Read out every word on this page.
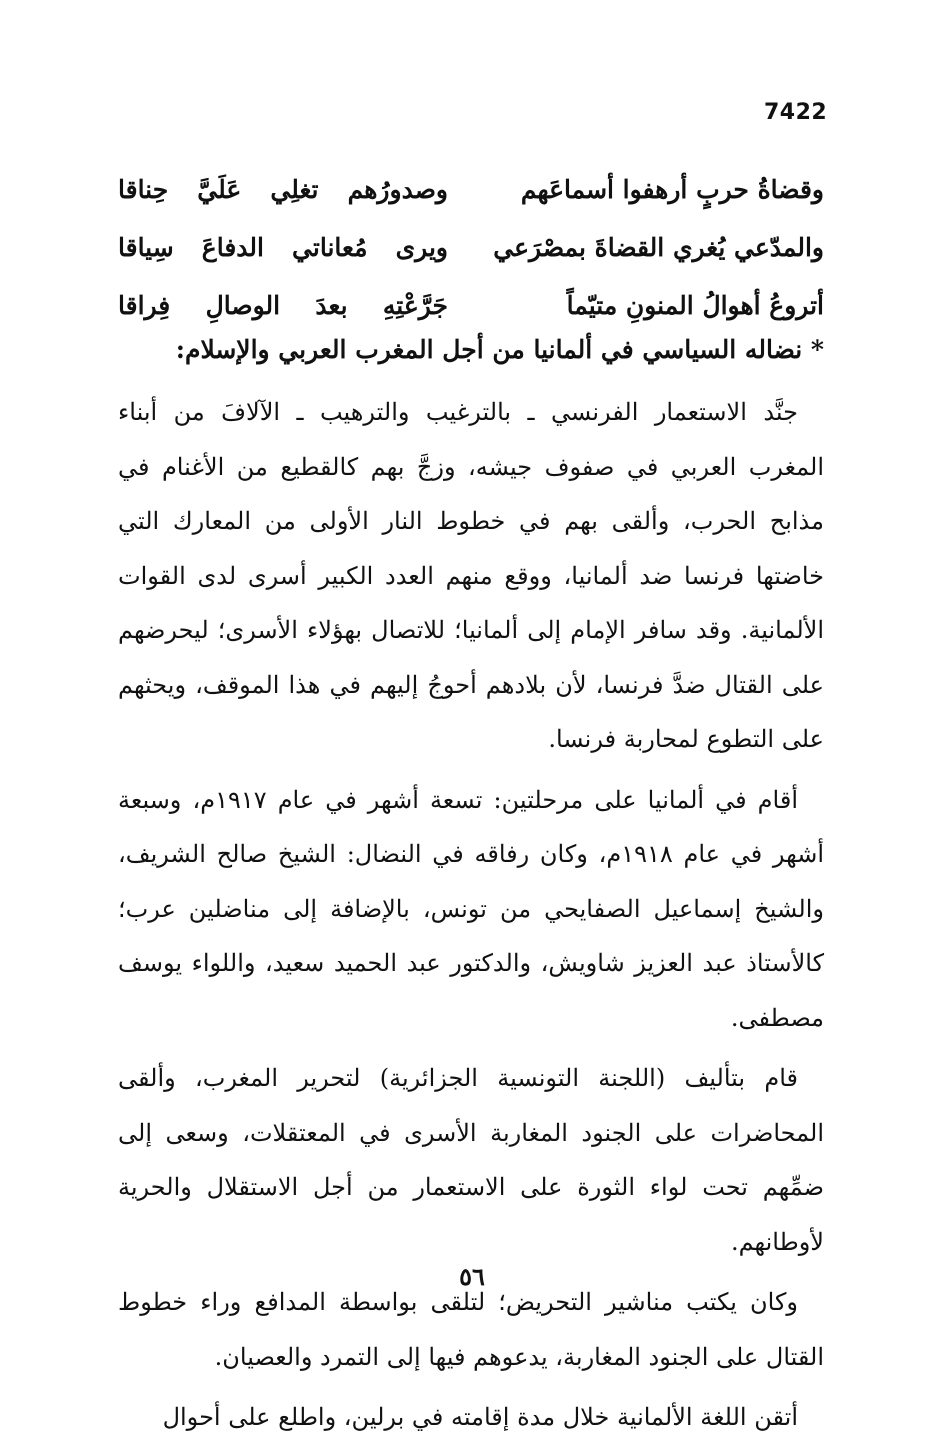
7422
وقضاةُ حربٍ أرهفوا أسماعَهم
وصدورُهم تغلِي عَلَيَّ حِناقا
والمدّعي يُغري القضاةَ بمصْرَعي
ويرى مُعاناتي الدفاعَ سِياقا
أتروعُ أهوالُ المنونِ متيّماً
جَرَّعْتِهِ بعدَ الوصالِ فِراقا
* نضاله السياسي في ألمانيا من أجل المغرب العربي والإسلام:

جنَّد الاستعمار الفرنسي ـ بالترغيب والترهيب ـ الآلافَ من أبناء المغرب العربي في صفوف جيشه، وزجَّ بهم كالقطيع من الأغنام في مذابح الحرب، وألقى بهم في خطوط النار الأولى من المعارك التي خاضتها فرنسا ضد ألمانيا، ووقع منهم العدد الكبير أسرى لدى القوات الألمانية. وقد سافر الإمام إلى ألمانيا؛ للاتصال بهؤلاء الأسرى؛ ليحرضهم على القتال ضدَّ فرنسا، لأن بلادهم أحوجُ إليهم في هذا الموقف، ويحثهم على التطوع لمحاربة فرنسا.

أقام في ألمانيا على مرحلتين: تسعة أشهر في عام ١٩١٧م، وسبعة أشهر في عام ١٩١٨م، وكان رفاقه في النضال: الشيخ صالح الشريف، والشيخ إسماعيل الصفايحي من تونس، بالإضافة إلى مناضلين عرب؛ كالأستاذ عبد العزيز شاويش، والدكتور عبد الحميد سعيد، واللواء يوسف مصطفى.

قام بتأليف (اللجنة التونسية الجزائرية) لتحرير المغرب، وألقى المحاضرات على الجنود المغاربة الأسرى في المعتقلات، وسعى إلى ضمِّهم تحت لواء الثورة على الاستعمار من أجل الاستقلال والحرية لأوطانهم.

وكان يكتب مناشير التحريض؛ لتلقى بواسطة المدافع وراء خطوط القتال على الجنود المغاربة، يدعوهم فيها إلى التمرد والعصيان.

أتقن اللغة الألمانية خلال مدة إقامته في برلين، واطلع على أحوال

٥٦
